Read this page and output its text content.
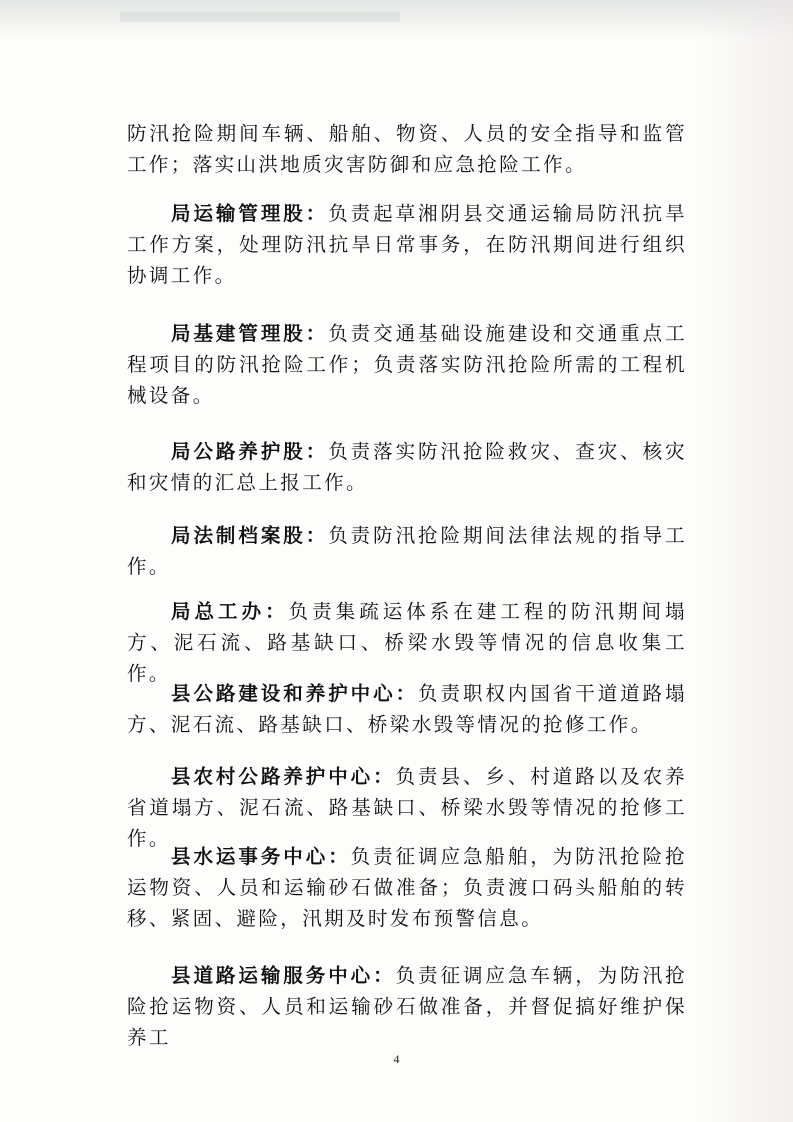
防汛抢险期间车辆、船舶、物资、人员的安全指导和监管工作；落实山洪地质灾害防御和应急抢险工作。

局运输管理股：负责起草湘阴县交通运输局防汛抗旱工作方案，处理防汛抗旱日常事务，在防汛期间进行组织协调工作。

局基建管理股：负责交通基础设施建设和交通重点工程项目的防汛抢险工作；负责落实防汛抢险所需的工程机械设备。

局公路养护股：负责落实防汛抢险救灾、查灾、核灾和灾情的汇总上报工作。

局法制档案股：负责防汛抢险期间法律法规的指导工作。

局总工办：负责集疏运体系在建工程的防汛期间塌方、泥石流、路基缺口、桥梁水毁等情况的信息收集工作。

县公路建设和养护中心：负责职权内国省干道道路塌方、泥石流、路基缺口、桥梁水毁等情况的抢修工作。

县农村公路养护中心：负责县、乡、村道路以及农养省道塌方、泥石流、路基缺口、桥梁水毁等情况的抢修工作。

县水运事务中心：负责征调应急船舶，为防汛抢险抢运物资、人员和运输砂石做准备；负责渡口码头船舶的转移、紧固、避险，汛期及时发布预警信息。

县道路运输服务中心：负责征调应急车辆，为防汛抢险抢运物资、人员和运输砂石做准备，并督促搞好维护保养工

4
